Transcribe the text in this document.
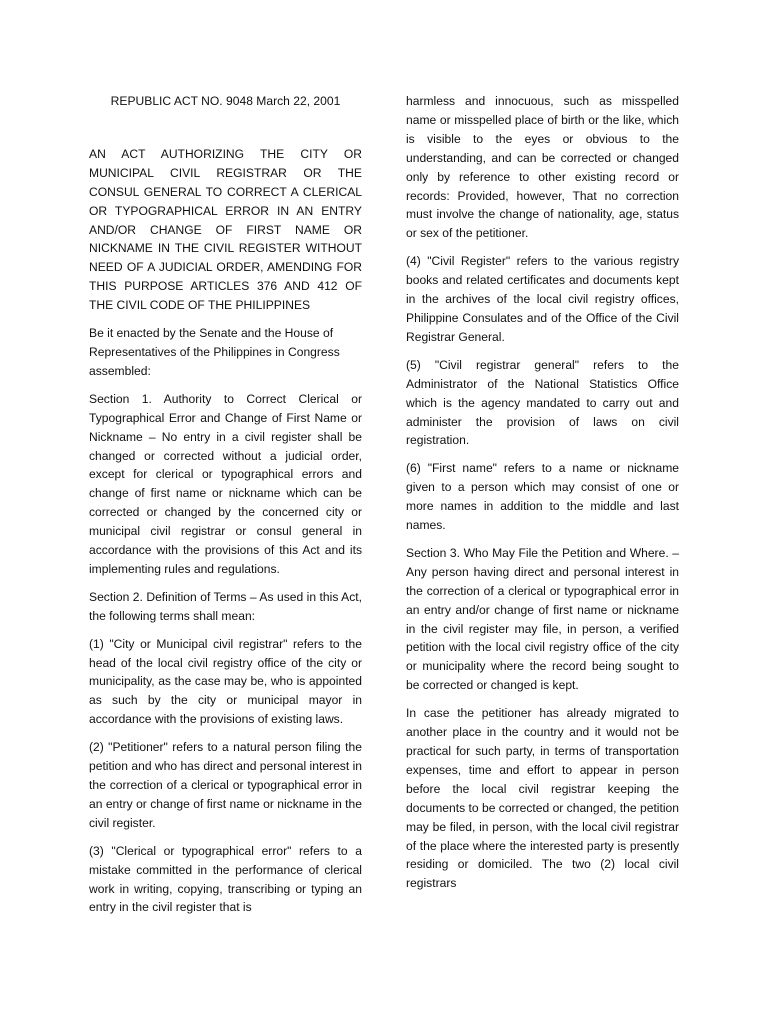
REPUBLIC ACT NO. 9048 March 22, 2001

AN ACT AUTHORIZING THE CITY OR MUNICIPAL CIVIL REGISTRAR OR THE CONSUL GENERAL TO CORRECT A CLERICAL OR TYPOGRAPHICAL ERROR IN AN ENTRY AND/OR CHANGE OF FIRST NAME OR NICKNAME IN THE CIVIL REGISTER WITHOUT NEED OF A JUDICIAL ORDER, AMENDING FOR THIS PURPOSE ARTICLES 376 AND 412 OF THE CIVIL CODE OF THE PHILIPPINES

Be it enacted by the Senate and the House of Representatives of the Philippines in Congress assembled:

Section 1. Authority to Correct Clerical or Typographical Error and Change of First Name or Nickname – No entry in a civil register shall be changed or corrected without a judicial order, except for clerical or typographical errors and change of first name or nickname which can be corrected or changed by the concerned city or municipal civil registrar or consul general in accordance with the provisions of this Act and its implementing rules and regulations.

Section 2. Definition of Terms – As used in this Act, the following terms shall mean:

(1) "City or Municipal civil registrar" refers to the head of the local civil registry office of the city or municipality, as the case may be, who is appointed as such by the city or municipal mayor in accordance with the provisions of existing laws.

(2) "Petitioner" refers to a natural person filing the petition and who has direct and personal interest in the correction of a clerical or typographical error in an entry or change of first name or nickname in the civil register.

(3) "Clerical or typographical error" refers to a mistake committed in the performance of clerical work in writing, copying, transcribing or typing an entry in the civil register that is

harmless and innocuous, such as misspelled name or misspelled place of birth or the like, which is visible to the eyes or obvious to the understanding, and can be corrected or changed only by reference to other existing record or records: Provided, however, That no correction must involve the change of nationality, age, status or sex of the petitioner.

(4) "Civil Register" refers to the various registry books and related certificates and documents kept in the archives of the local civil registry offices, Philippine Consulates and of the Office of the Civil Registrar General.

(5) "Civil registrar general" refers to the Administrator of the National Statistics Office which is the agency mandated to carry out and administer the provision of laws on civil registration.

(6) "First name" refers to a name or nickname given to a person which may consist of one or more names in addition to the middle and last names.

Section 3. Who May File the Petition and Where. – Any person having direct and personal interest in the correction of a clerical or typographical error in an entry and/or change of first name or nickname in the civil register may file, in person, a verified petition with the local civil registry office of the city or municipality where the record being sought to be corrected or changed is kept.

In case the petitioner has already migrated to another place in the country and it would not be practical for such party, in terms of transportation expenses, time and effort to appear in person before the local civil registrar keeping the documents to be corrected or changed, the petition may be filed, in person, with the local civil registrar of the place where the interested party is presently residing or domiciled. The two (2) local civil registrars
